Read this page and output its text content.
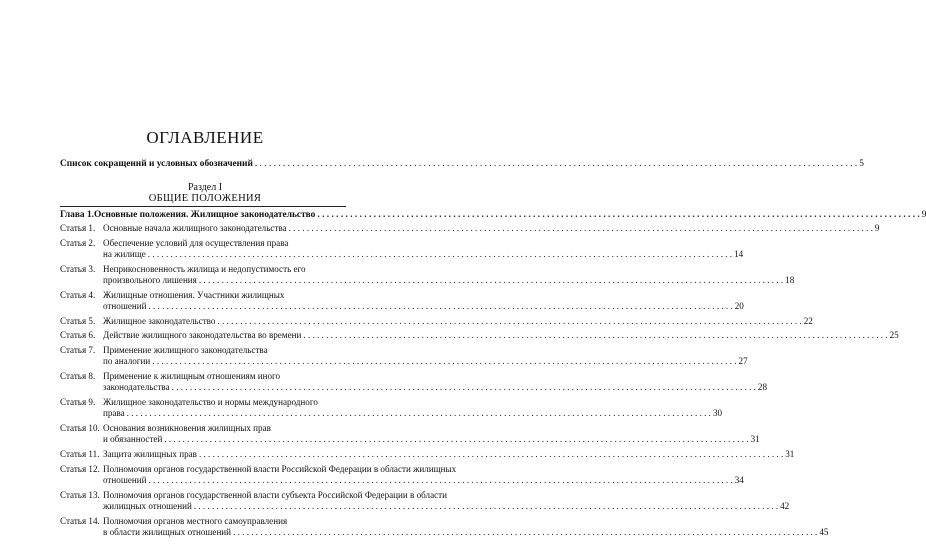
ОГЛАВЛЕНИЕ
Список сокращений и условных обозначений . . .	5
Раздел I
ОБЩИЕ ПОЛОЖЕНИЯ
Глава 1. Основные положения. Жилищное законодательство . . .	9
Статья 1. Основные начала жилищного законодательства . . .	9
Статья 2. Обеспечение условий для осуществления права
на жилище . . .	14
Статья 3. Неприкосновенность жилища и недопустимость его
произвольного лишения . . .	18
Статья 4. Жилищные отношения. Участники жилищных
отношений . . .	20
Статья 5. Жилищное законодательство . . .	22
Статья 6. Действие жилищного законодательства во времени . . .	25
Статья 7. Применение жилищного законодательства
по аналогии . . .	27
Статья 8. Применение к жилищным отношениям иного
законодательства . . .	28
Статья 9. Жилищное законодательство и нормы международного
права . . .	30
Статья 10. Основания возникновения жилищных прав
и обязанностей . . .	31
Статья 11. Защита жилищных прав . . .	31
Статья 12. Полномочия органов государственной власти Российской Федерации в области жилищных
отношений . . .	34
Статья 13. Полномочия органов государственной власти субъекта Российской Федерации в области
жилищных отношений . . .	42
Статья 14. Полномочия органов местного самоуправления
в области жилищных отношений . . .	45
